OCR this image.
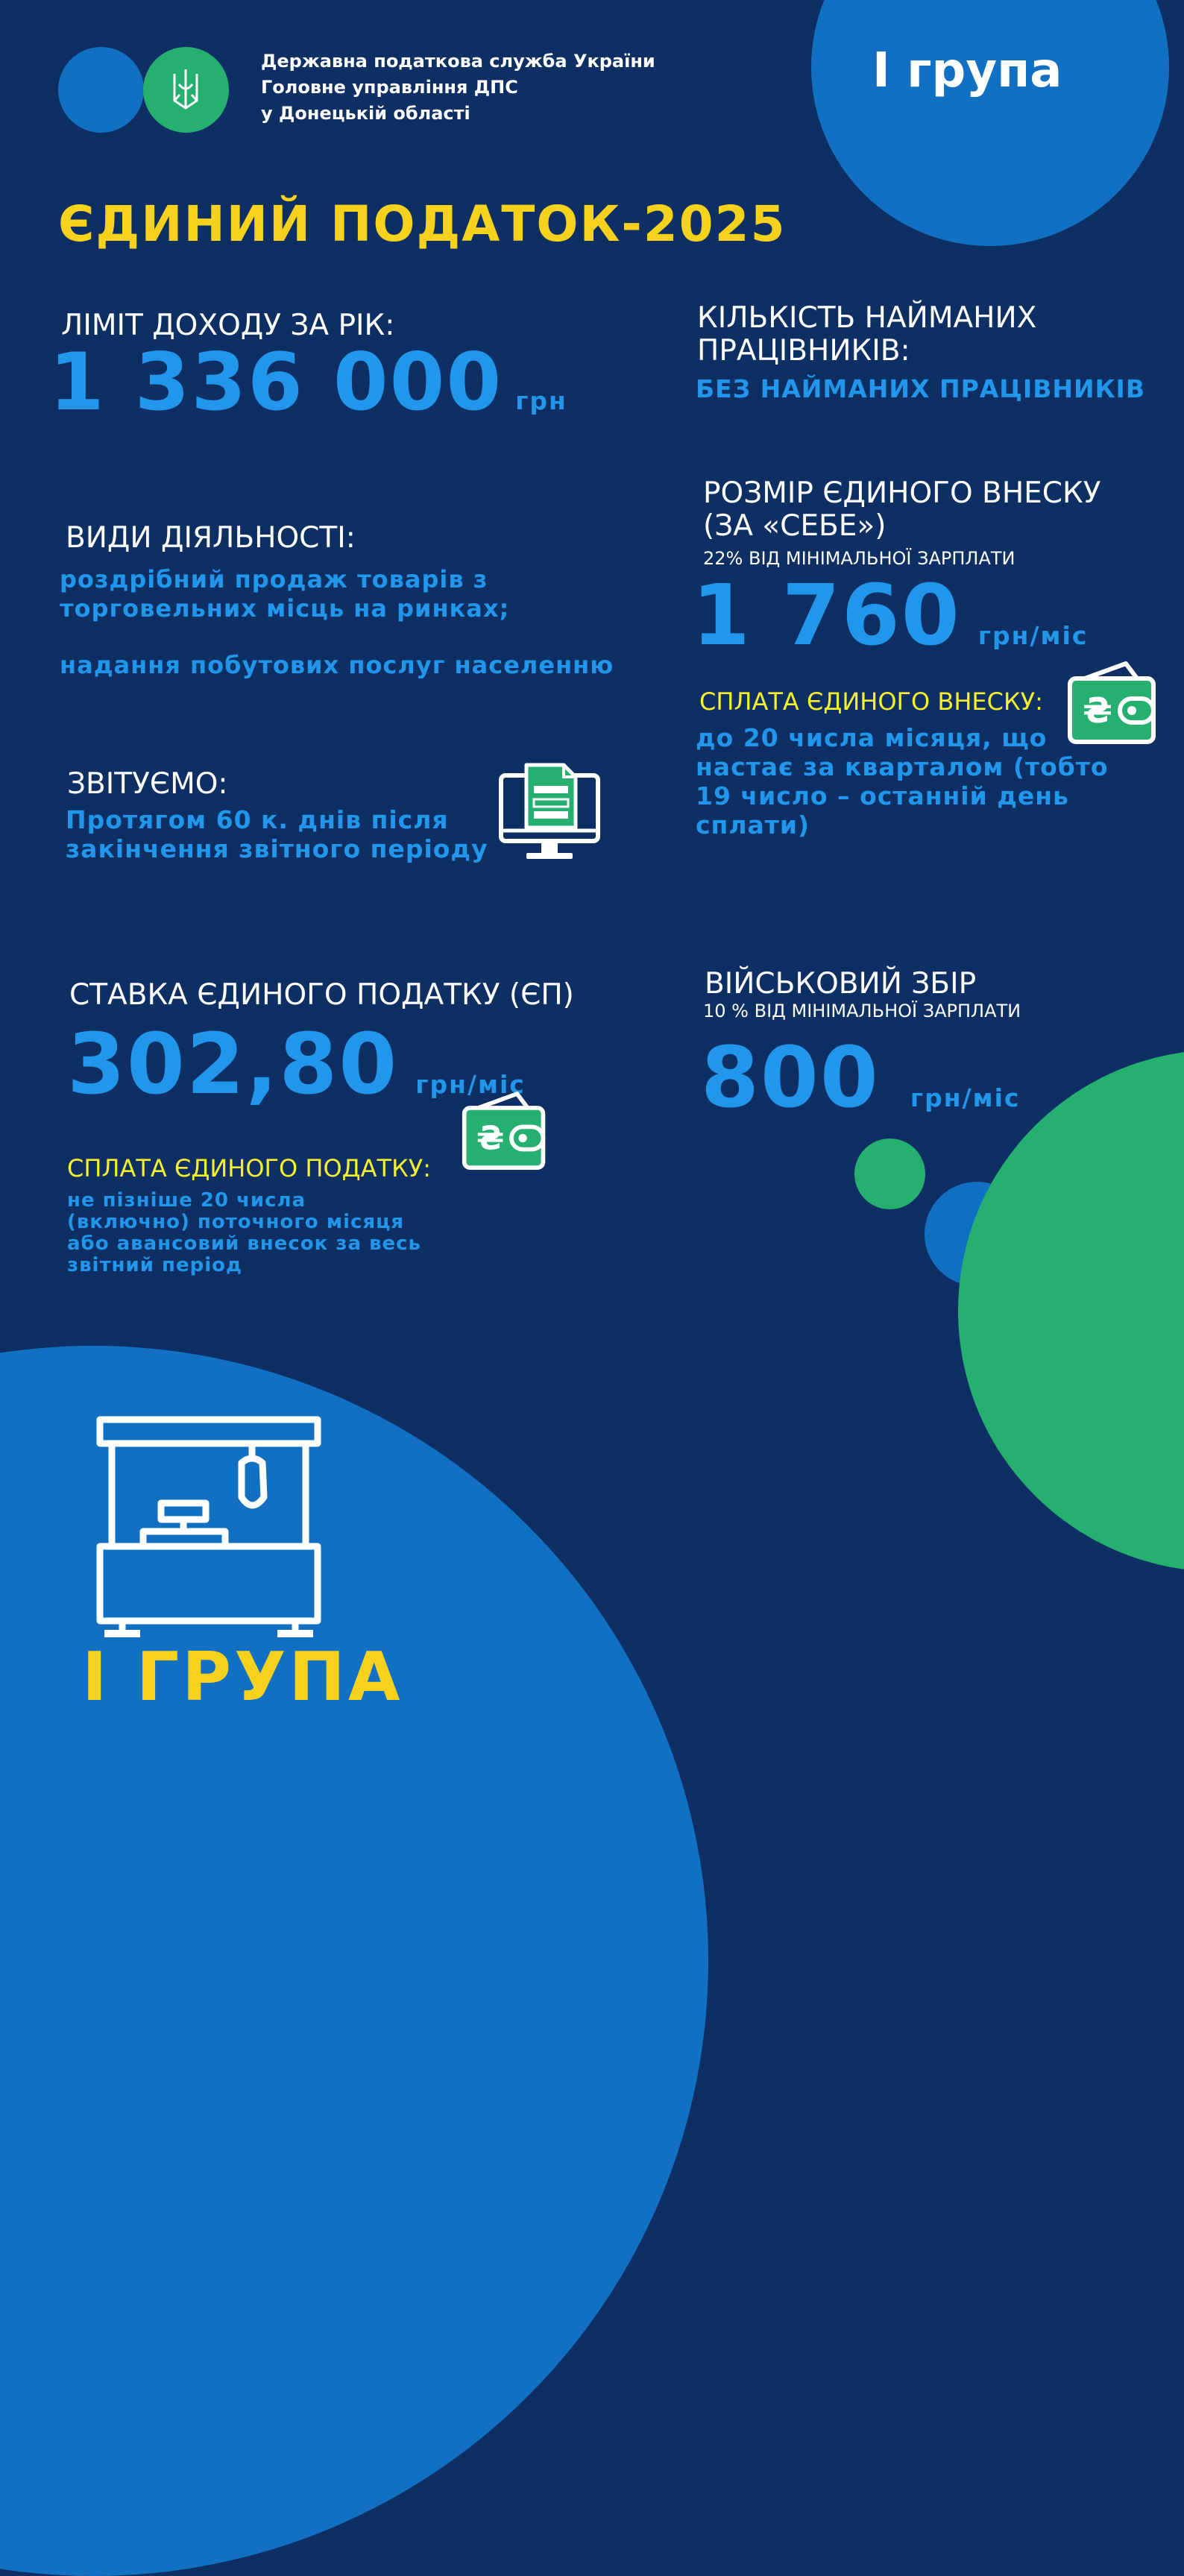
Державна податкова служба України
Головне управління ДПС
у Донецькій області
I група
ЄДИНИЙ ПОДАТОК-2025
ЛІМІТ ДОХОДУ ЗА РІК:
1 336 000 грн
КІЛЬКІСТЬ НАЙМАНИХ
ПРАЦІВНИКІВ:
БЕЗ НАЙМАНИХ ПРАЦІВНИКІВ
ВИДИ ДІЯЛЬНОСТІ:
роздрібний продаж товарів з
торговельних місць на ринках;
надання побутових послуг населенню
РОЗМІР ЄДИНОГО ВНЕСКУ
(ЗА «СЕБЕ»)
22% ВІД МІНІМАЛЬНОЇ ЗАРПЛАТИ
1 760 грн/міс
СПЛАТА ЄДИНОГО ВНЕСКУ:
до 20 числа місяця, що
настає за кварталом (тобто
19 число – останній день сплати)
₴
ЗВІТУЄМО:
Протягом 60 к. днів після
закінчення звітного періоду
СТАВКА ЄДИНОГО ПОДАТКУ (ЄП)
302,80 грн/міс
₴
СПЛАТА ЄДИНОГО ПОДАТКУ:
не пізніше 20 числа
(включно) поточного місяця
або авансовий внесок за весь
звітний період
ВІЙСЬКОВИЙ ЗБІР
10 % ВІД МІНІМАЛЬНОЇ ЗАРПЛАТИ
800 грн/міс
І ГРУПА
